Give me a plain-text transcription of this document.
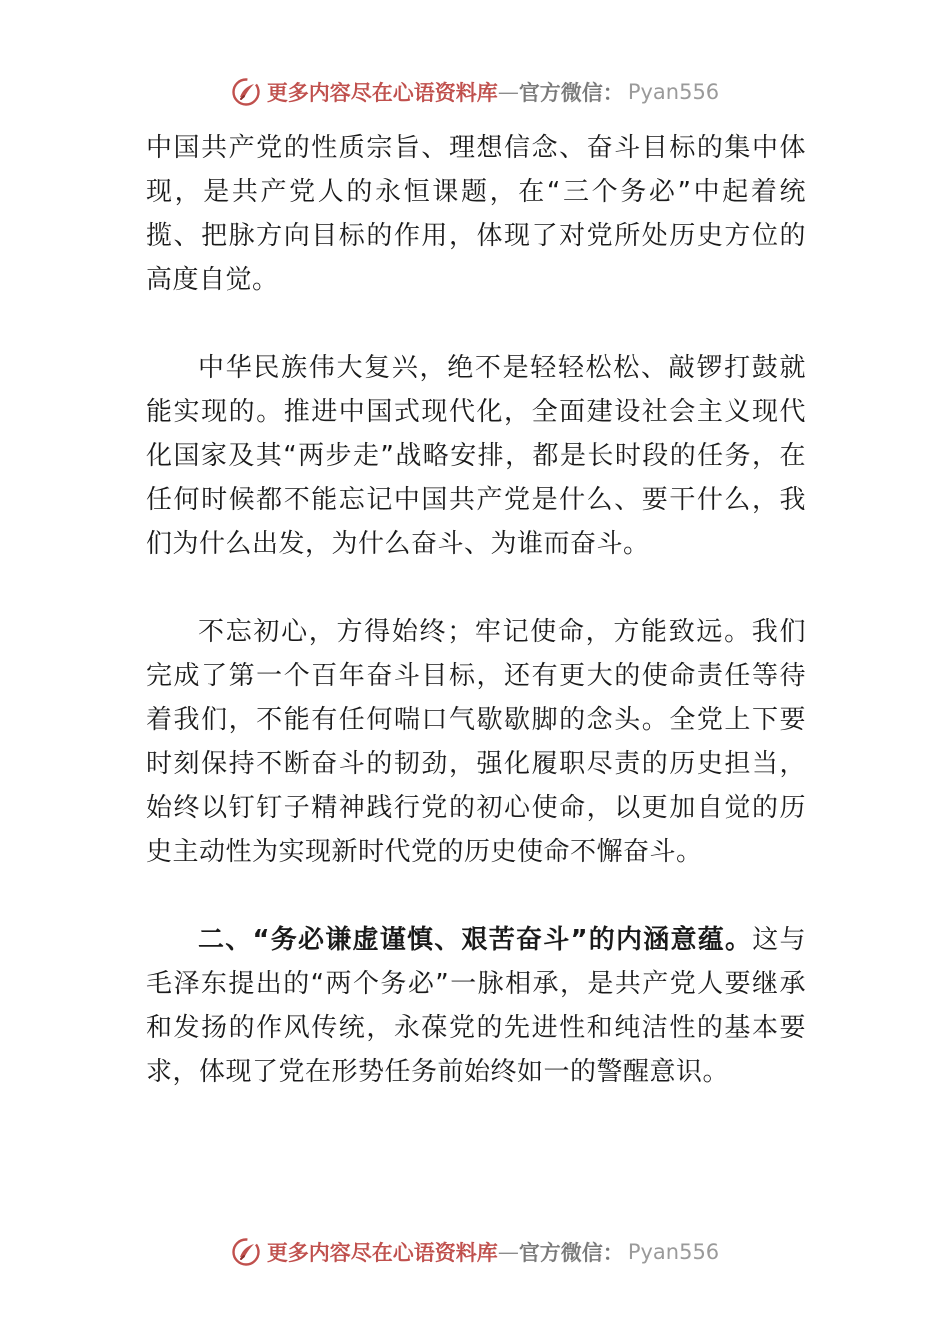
更多内容尽在心语资料库 — 官方微信： Pyan556

中国共产党的性质宗旨、理想信念、奋斗目标的集中体现，是共产党人的永恒课题，在“三个务必”中起着统揽、把脉方向目标的作用，体现了对党所处历史方位的高度自觉。

中华民族伟大复兴，绝不是轻轻松松、敲锣打鼓就能实现的。推进中国式现代化，全面建设社会主义现代化国家及其“两步走”战略安排，都是长时段的任务，在任何时候都不能忘记中国共产党是什么、要干什么，我们为什么出发，为什么奋斗、为谁而奋斗。

不忘初心，方得始终；牢记使命，方能致远。我们完成了第一个百年奋斗目标，还有更大的使命责任等待着我们，不能有任何喘口气歇歇脚的念头。全党上下要时刻保持不断奋斗的韧劲，强化履职尽责的历史担当，始终以钉钉子精神践行党的初心使命，以更加自觉的历史主动性为实现新时代党的历史使命不懈奋斗。

二、“务必谦虚谨慎、艰苦奋斗”的内涵意蕴。这与毛泽东提出的“两个务必”一脉相承，是共产党人要继承和发扬的作风传统，永葆党的先进性和纯洁性的基本要求，体现了党在形势任务前始终如一的警醒意识。

更多内容尽在心语资料库 — 官方微信： Pyan556
